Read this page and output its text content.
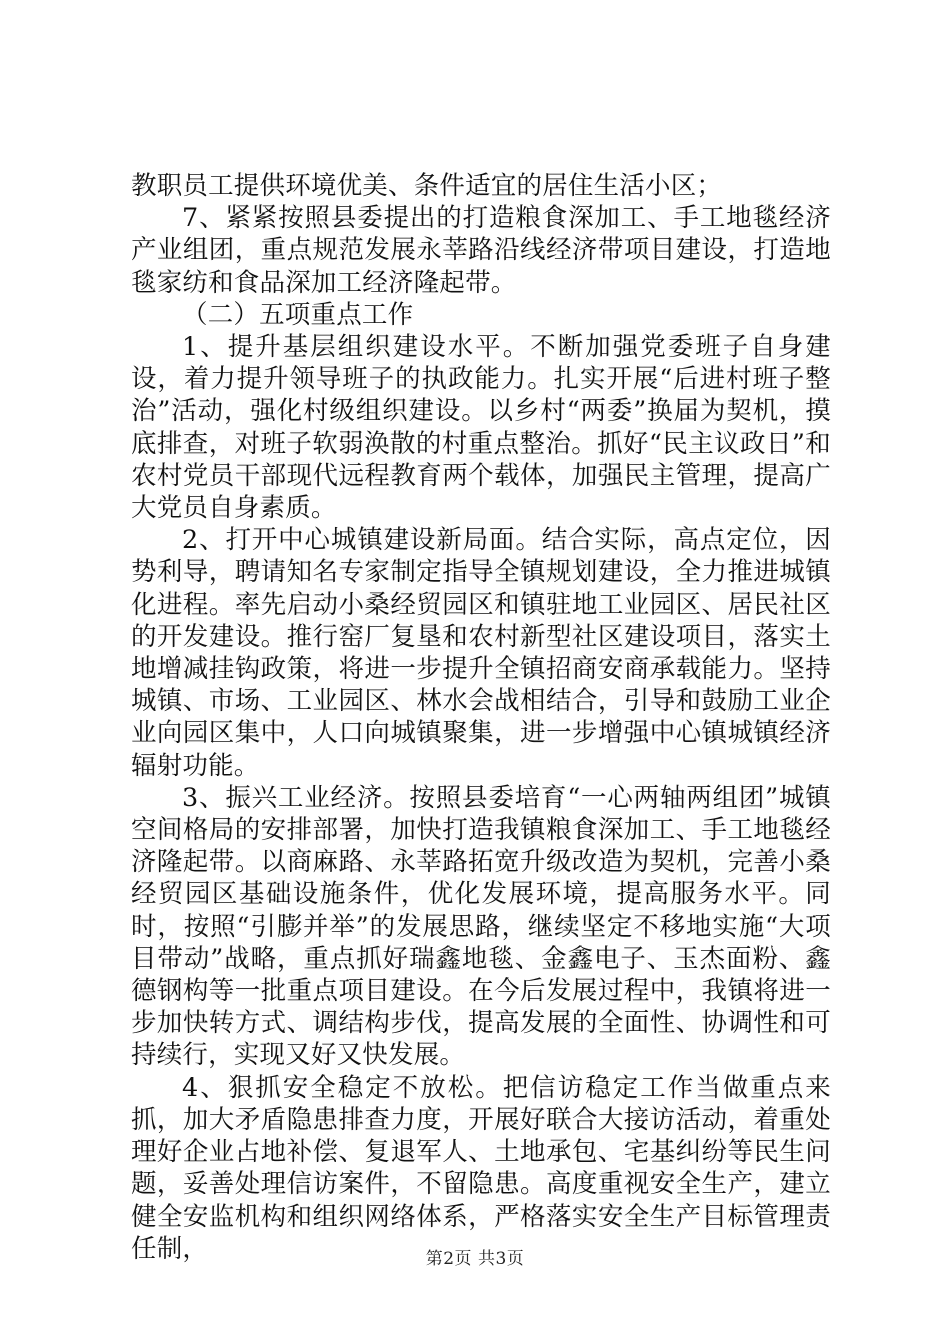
教职员工提供环境优美、条件适宜的居住生活小区；

7、紧紧按照县委提出的打造粮食深加工、手工地毯经济产业组团，重点规范发展永莘路沿线经济带项目建设，打造地毯家纺和食品深加工经济隆起带。

（二）五项重点工作

1、提升基层组织建设水平。不断加强党委班子自身建设，着力提升领导班子的执政能力。扎实开展“后进村班子整治”活动，强化村级组织建设。以乡村“两委”换届为契机，摸底排查，对班子软弱涣散的村重点整治。抓好“民主议政日”和农村党员干部现代远程教育两个载体，加强民主管理，提高广大党员自身素质。

2、打开中心城镇建设新局面。结合实际，高点定位，因势利导，聘请知名专家制定指导全镇规划建设，全力推进城镇化进程。率先启动小桑经贸园区和镇驻地工业园区、居民社区的开发建设。推行窑厂复垦和农村新型社区建设项目，落实土地增减挂钩政策，将进一步提升全镇招商安商承载能力。坚持城镇、市场、工业园区、林水会战相结合，引导和鼓励工业企业向园区集中，人口向城镇聚集，进一步增强中心镇城镇经济辐射功能。

3、振兴工业经济。按照县委培育“一心两轴两组团”城镇空间格局的安排部署，加快打造我镇粮食深加工、手工地毯经济隆起带。以商麻路、永莘路拓宽升级改造为契机，完善小桑经贸园区基础设施条件，优化发展环境，提高服务水平。同时，按照“引膨并举”的发展思路，继续坚定不移地实施“大项目带动”战略，重点抓好瑞鑫地毯、金鑫电子、玉杰面粉、鑫德钢构等一批重点项目建设。在今后发展过程中，我镇将进一步加快转方式、调结构步伐，提高发展的全面性、协调性和可持续行，实现又好又快发展。

4、狠抓安全稳定不放松。把信访稳定工作当做重点来抓，加大矛盾隐患排查力度，开展好联合大接访活动，着重处理好企业占地补偿、复退军人、土地承包、宅基纠纷等民生问题，妥善处理信访案件，不留隐患。高度重视安全生产，建立健全安监机构和组织网络体系，严格落实安全生产目标管理责任制，	第2页 共3页
